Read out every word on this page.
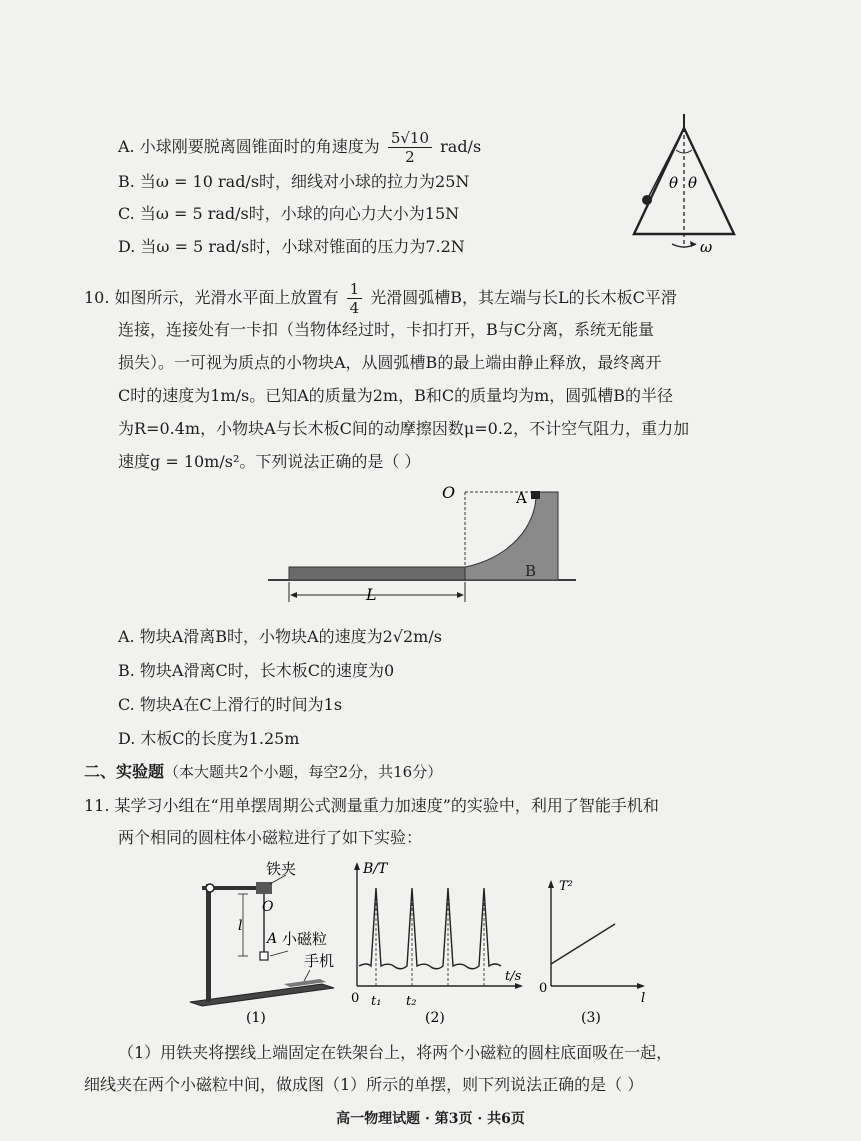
A. 小球刚要脱离圆锥面时的角速度为 $\frac{5√10}{2} rad/s$
B. 当ω = 10 rad/s时，细线对小球的拉力为25N
C. 当ω = 5 rad/s时，小球的向心力大小为15N
D. 当ω = 5 rad/s时，小球对锥面的压力为7.2N
θ θ
ω
10. 如图所示，光滑水平面上放置有 $\frac{1}{4}$ 光滑圆弧槽B，其左端与长L的长木板C平滑
连接，连接处有一卡扣（当物体经过时，卡扣打开，B与C分离，系统无能量
损失）。一可视为质点的小物块A，从圆弧槽B的最上端由静止释放，最终离开
C时的速度为1m/s。已知A的质量为2m，B和C的质量均为m，圆弧槽B的半径
为R=0.4m，小物块A与长木板C间的动摩擦因数μ=0.2，不计空气阻力，重力加
速度g = 10m/s²。下列说法正确的是（ ）
O	A
B
L
A. 物块A滑离B时，小物块A的速度为2√2m/s
B. 物块A滑离C时，长木板C的速度为0
C. 物块A在C上滑行的时间为1s
D. 木板C的长度为1.25m
二、实验题（本大题共2个小题，每空2分，共16分）
11. 某学习小组在“用单摆周期公式测量重力加速度”的实验中，利用了智能手机和
两个相同的圆柱体小磁粒进行了如下实验：
铁夹
O
l
A 小磁粒
手机
(1)
B/T
t/s
0 t₁ t₂
(2)
T²
l
0
(3)
（1）用铁夹将摆线上端固定在铁架台上，将两个小磁粒的圆柱底面吸在一起，
细线夹在两个小磁粒中间，做成图（1）所示的单摆，则下列说法正确的是（ ）
高一物理试题 · 第3页 · 共6页
